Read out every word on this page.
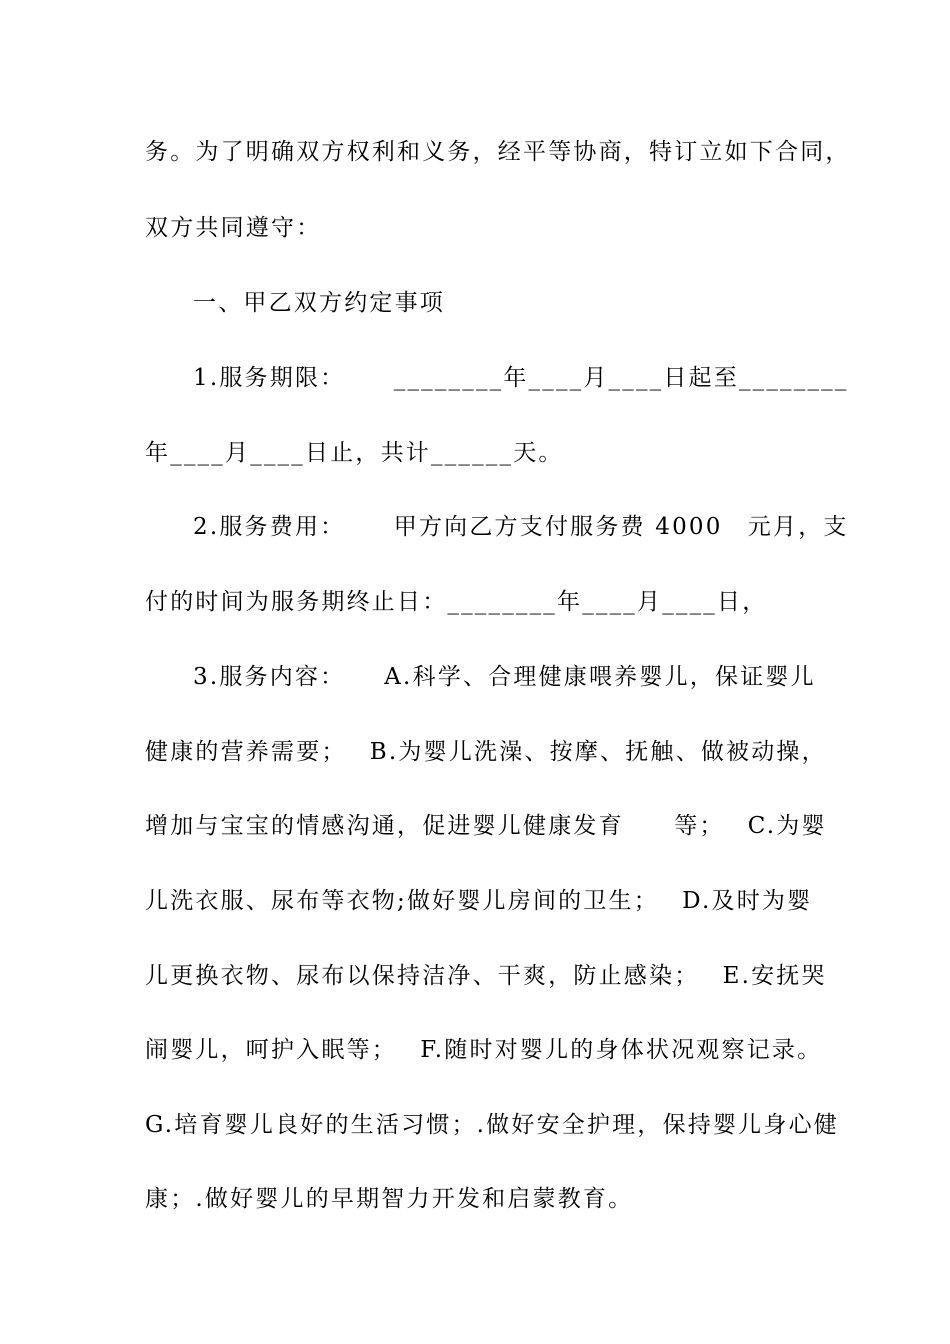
务。为了明确双方权利和义务，经平等协商，特订立如下合同，
双方共同遵守：
一、甲乙双方约定事项
1.服务期限：　　 ________年____月____日起至________
年____月____日止，共计______天。
2.服务费用：　　 甲方向乙方支付服务费 4000　元月，支
付的时间为服务期终止日：________年____月____日，
3.服务内容：　　A.科学、合理健康喂养婴儿，保证婴儿
健康的营养需要；　 B.为婴儿洗澡、按摩、抚触、做被动操，
增加与宝宝的情感沟通，促进婴儿健康发育　　等；　 C.为婴
儿洗衣服、尿布等衣物;做好婴儿房间的卫生；　 D.及时为婴
儿更换衣物、尿布以保持洁净、干爽，防止感染；　 E.安抚哭
闹婴儿，呵护入眠等；　 F.随时对婴儿的身体状况观察记录。
G.培育婴儿良好的生活习惯；.做好安全护理，保持婴儿身心健
康；.做好婴儿的早期智力开发和启蒙教育。
